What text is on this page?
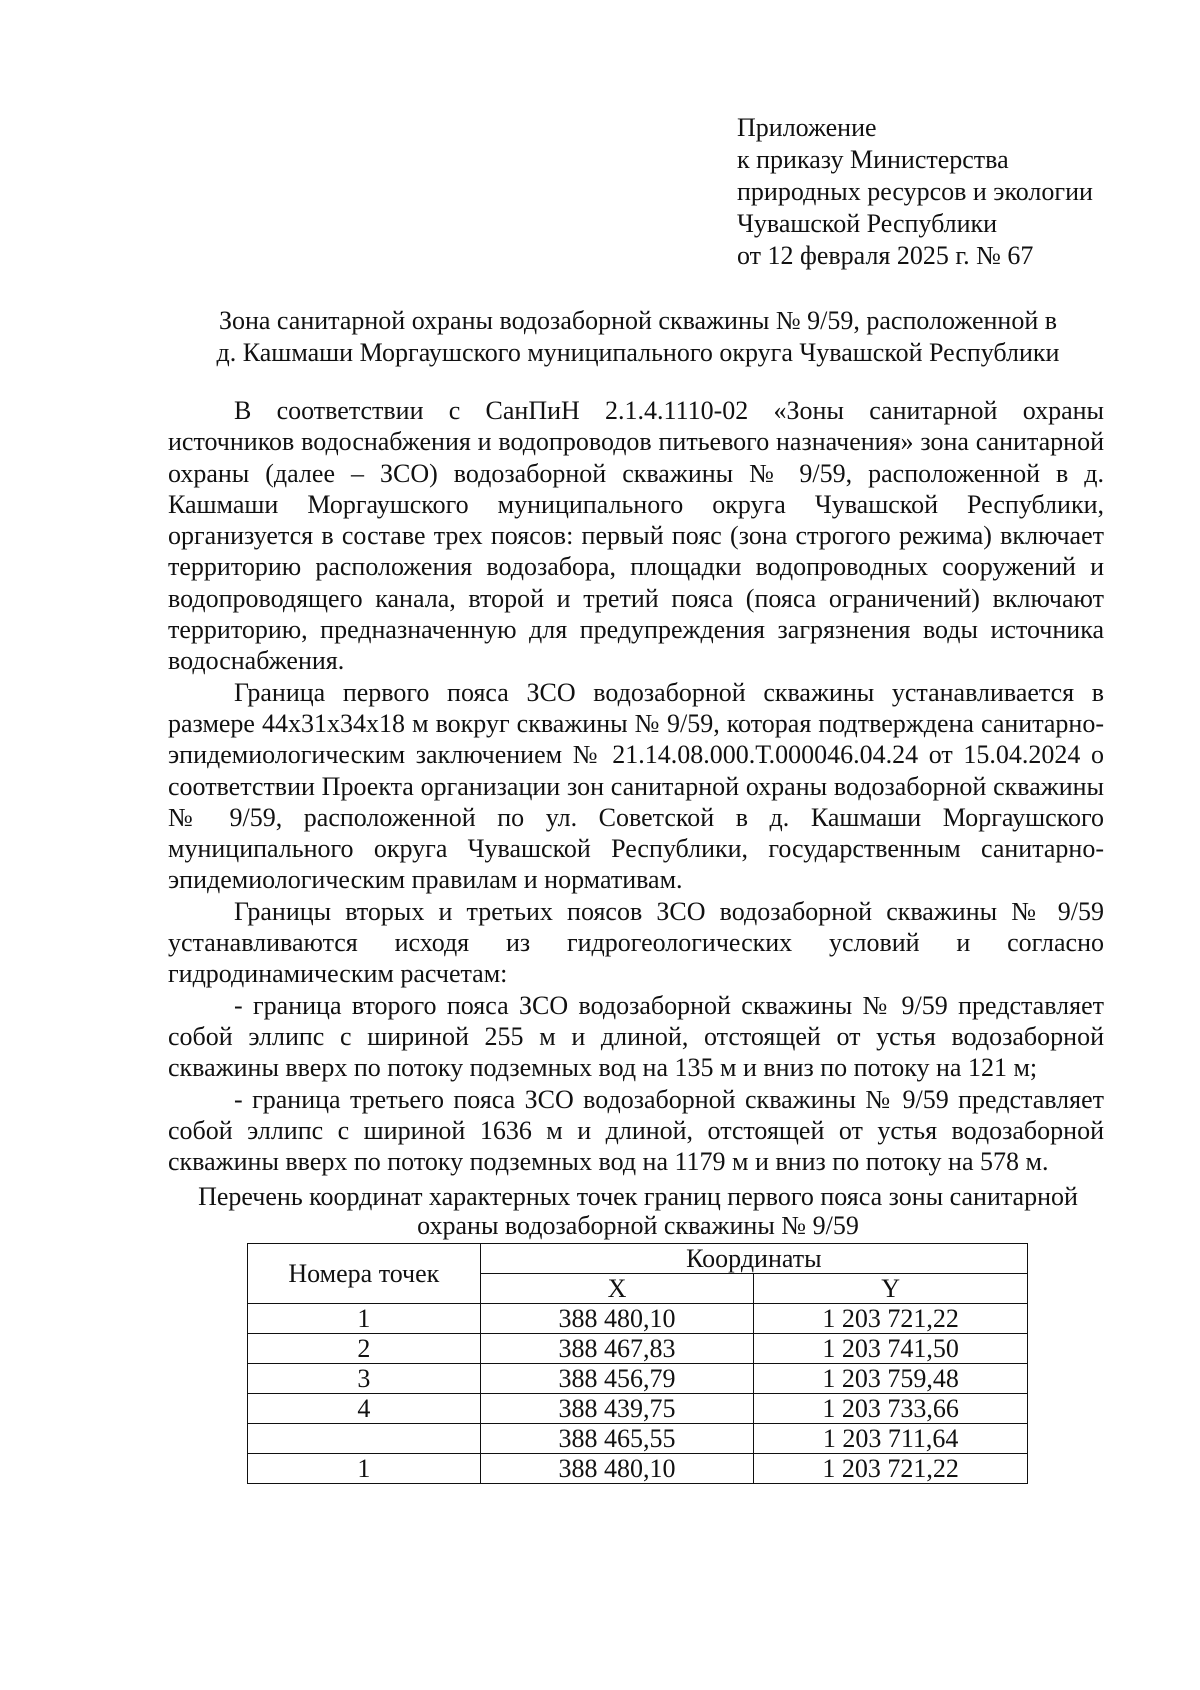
Приложение
к приказу Министерства
природных ресурсов и экологии
Чувашской Республики
от 12 февраля 2025 г. № 67
Зона санитарной охраны водозаборной скважины № 9/59, расположенной в
д. Кашмаши Моргаушского муниципального округа Чувашской Республики

В соответствии с СанПиН 2.1.4.1110-02 «Зоны санитарной охраны источников водоснабжения и водопроводов питьевого назначения» зона санитарной охраны (далее – ЗСО) водозаборной скважины № 9/59, расположенной в д. Кашмаши Моргаушского муниципального округа Чувашской Республики, организуется в составе трех поясов: первый пояс (зона строгого режима) включает территорию расположения водозабора, площадки водопроводных сооружений и водопроводящего канала, второй и третий пояса (пояса ограничений) включают территорию, предназначенную для предупреждения загрязнения воды источника водоснабжения.

Граница первого пояса ЗСО водозаборной скважины устанавливается в размере 44х31х34х18 м вокруг скважины № 9/59, которая подтверждена санитарно-эпидемиологическим заключением № 21.14.08.000.Т.000046.04.24 от 15.04.2024 о соответствии Проекта организации зон санитарной охраны водозаборной скважины № 9/59, расположенной по ул. Советской в д. Кашмаши Моргаушского муниципального округа Чувашской Республики, государственным санитарно-эпидемиологическим правилам и нормативам.

Границы вторых и третьих поясов ЗСО водозаборной скважины № 9/59 устанавливаются исходя из гидрогеологических условий и согласно гидродинамическим расчетам:

- граница второго пояса ЗСО водозаборной скважины № 9/59 представляет собой эллипс с шириной 255 м и длиной, отстоящей от устья водозаборной скважины вверх по потоку подземных вод на 135 м и вниз по потоку на 121 м;

- граница третьего пояса ЗСО водозаборной скважины № 9/59 представляет собой эллипс с шириной 1636 м и длиной, отстоящей от устья водозаборной скважины вверх по потоку подземных вод на 1179 м и вниз по потоку на 578 м.

Перечень координат характерных точек границ первого пояса зоны санитарной
охраны водозаборной скважины № 9/59
Номера точек	Координаты	
	X	Y
1	388 480,10	1 203 721,22
2	388 467,83	1 203 741,50
3	388 456,79	1 203 759,48
4	388 439,75	1 203 733,66
	388 465,55	1 203 711,64
1	388 480,10	1 203 721,22
